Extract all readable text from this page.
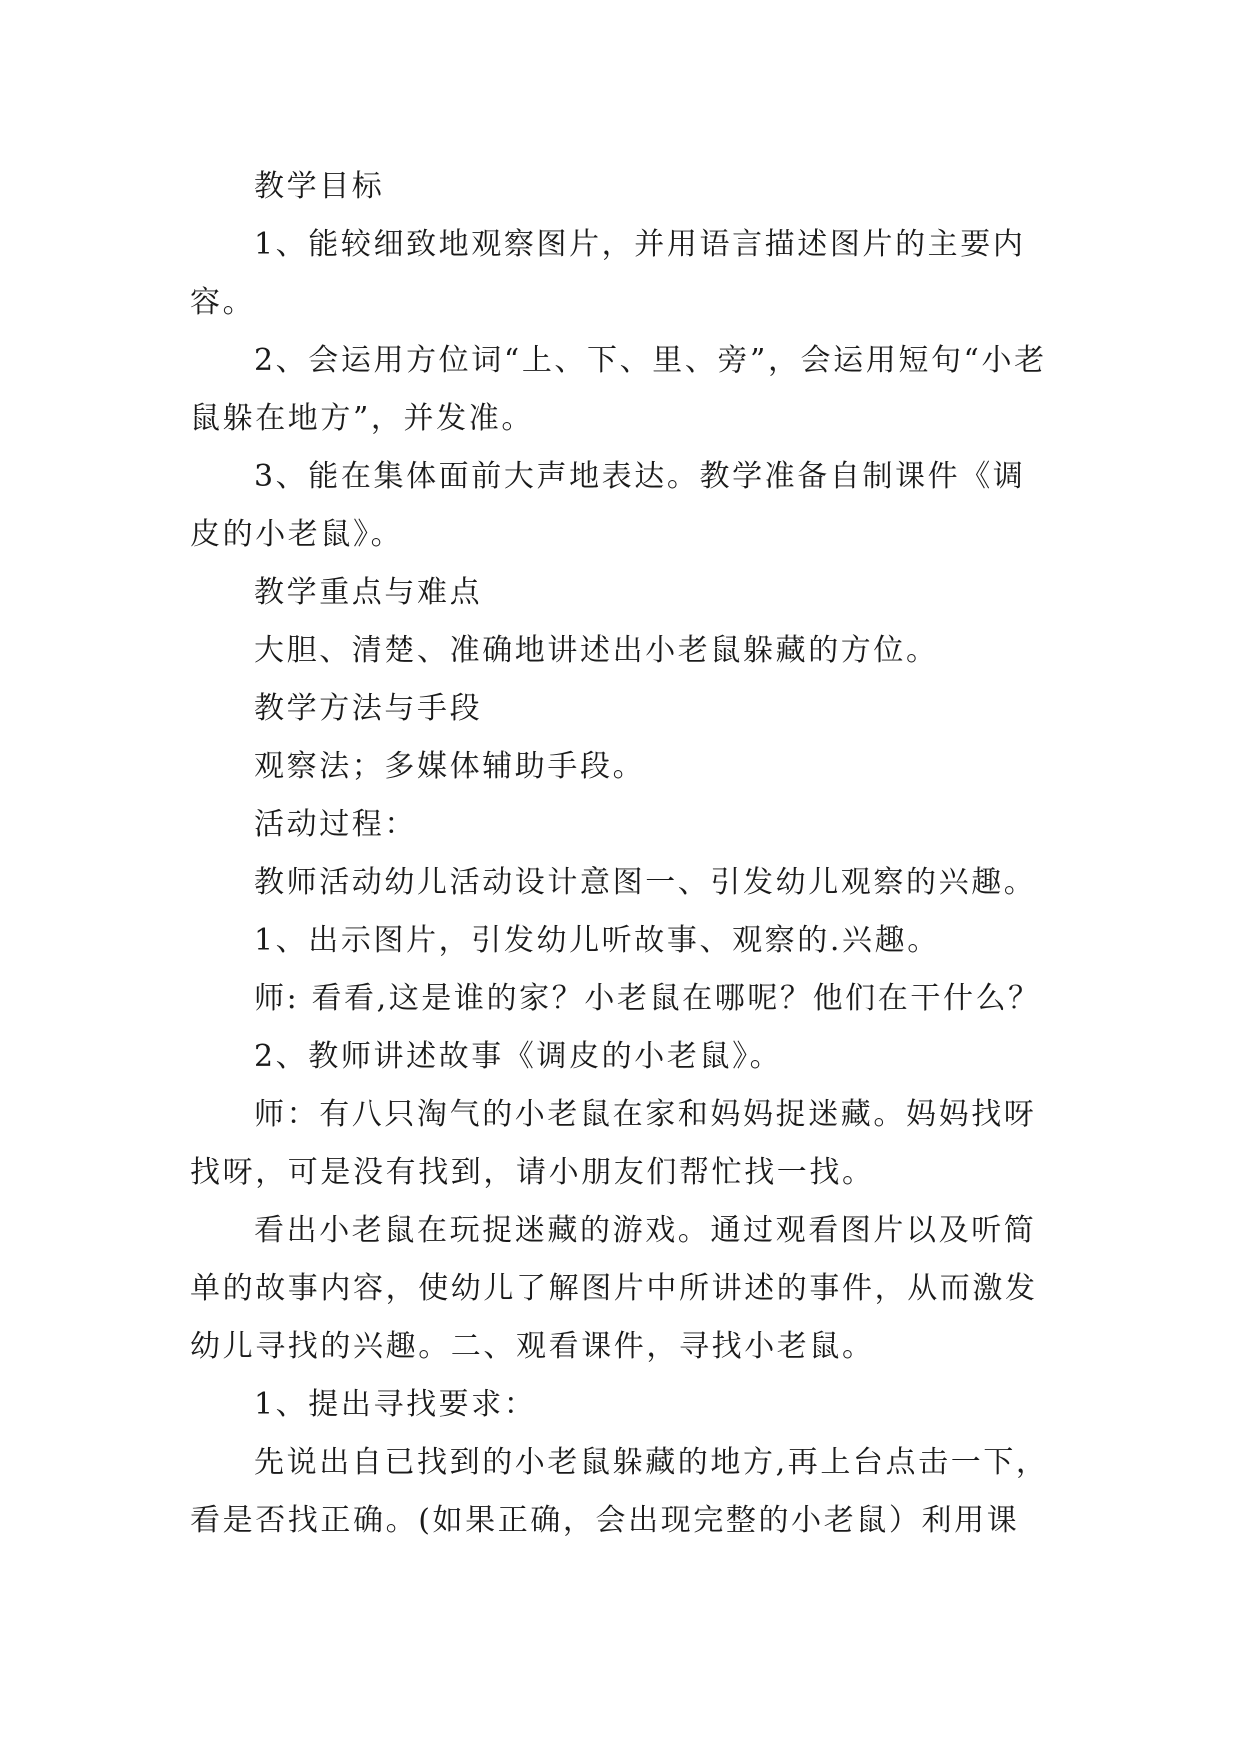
教学目标

1、能较细致地观察图片，并用语言描述图片的主要内容。

2、会运用方位词“上、下、里、旁”，会运用短句“小老鼠躲在地方”，并发准。

3、能在集体面前大声地表达。教学准备自制课件《调皮的小老鼠》。

教学重点与难点

大胆、清楚、准确地讲述出小老鼠躲藏的方位。

教学方法与手段

观察法；多媒体辅助手段。

活动过程：

教师活动幼儿活动设计意图一、引发幼儿观察的兴趣。

1、出示图片，引发幼儿听故事、观察的.兴趣。

师: 看看,这是谁的家？小老鼠在哪呢？他们在干什么？

2、教师讲述故事《调皮的小老鼠》。

师：有八只淘气的小老鼠在家和妈妈捉迷藏。妈妈找呀找呀，可是没有找到，请小朋友们帮忙找一找。

看出小老鼠在玩捉迷藏的游戏。通过观看图片以及听简单的故事内容，使幼儿了解图片中所讲述的事件，从而激发幼儿寻找的兴趣。二、观看课件，寻找小老鼠。

1、提出寻找要求：

先说出自已找到的小老鼠躲藏的地方,再上台点击一下，看是否找正确。(如果正确，会出现完整的小老鼠）利用课
